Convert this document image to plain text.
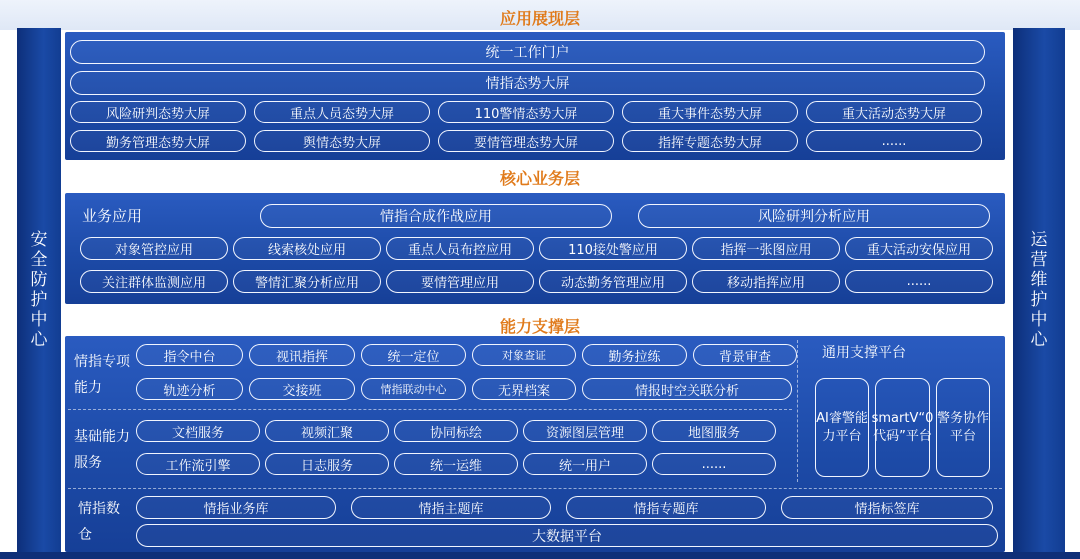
安全防护中心
运营维护中心
应用展现层
统一工作门户
情指态势大屏
风险研判态势大屏	重点人员态势大屏	110警情态势大屏	重大事件态势大屏	重大活动态势大屏
勤务管理态势大屏	舆情态势大屏	要情管理态势大屏	指挥专题态势大屏	......
核心业务层
业务应用	情指合成作战应用	风险研判分析应用
对象管控应用	线索核处应用	重点人员布控应用	110接处警应用	指挥一张图应用	重大活动安保应用
关注群体监测应用	警情汇聚分析应用	要情管理应用	动态勤务管理应用	移动指挥应用	......
能力支撑层
情指专项能力
指令中台	视讯指挥	统一定位	对象查证	勤务拉练	背景审查
轨迹分析	交接班	情指联动中心	无界档案	情报时空关联分析
基础能力服务
文档服务	视频汇聚	协同标绘	资源图层管理	地图服务
工作流引擎	日志服务	统一运维	统一用户	......
通用支撑平台
AI睿警能力平台
smartV“0代码”平台
警务协作平台
情指数仓
情指业务库	情指主题库	情指专题库	情指标签库
大数据平台
